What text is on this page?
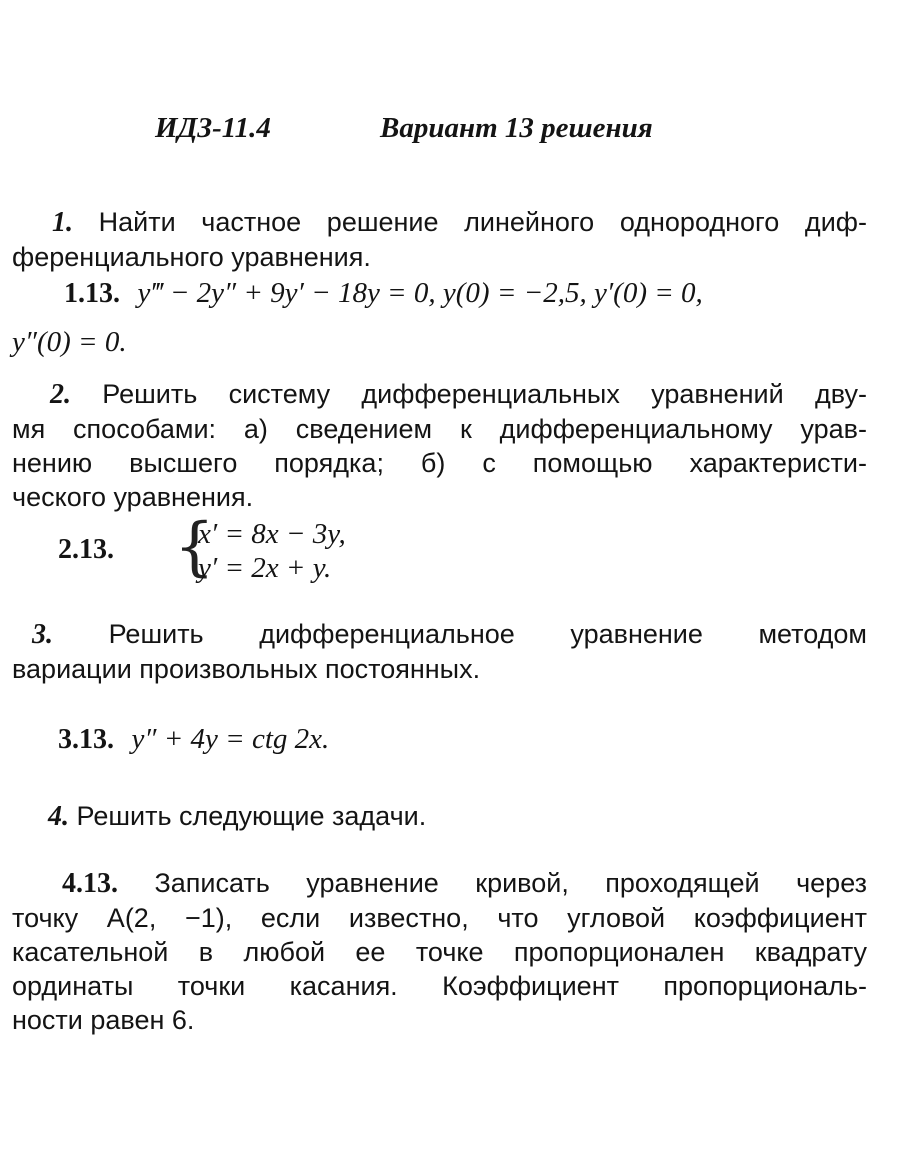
ИДЗ-11.4	Вариант 13 решения
1. Найти частное решение линейного однородного диф-
ференциального уравнения.
1.13. y‴ − 2y″ + 9y′ − 18y = 0, y(0) = −2,5, y′(0) = 0,
y″(0) = 0.
2. Решить систему дифференциальных уравнений дву-
мя способами: а) сведением к дифференциальному урав-
нению высшего порядка; б) с помощью характеристи-
ческого уравнения.
2.13. {
x′ = 8x − 3y,
y′ = 2x + y.
3. Решить дифференциальное уравнение методом
вариации произвольных постоянных.
3.13. y″ + 4y = ctg 2x.
4. Решить следующие задачи.
4.13. Записать уравнение кривой, проходящей через
точку A(2, −1), если известно, что угловой коэффициент
касательной в любой ее точке пропорционален квадрату
ординаты точки касания. Коэффициент пропорциональ-
ности равен 6.
